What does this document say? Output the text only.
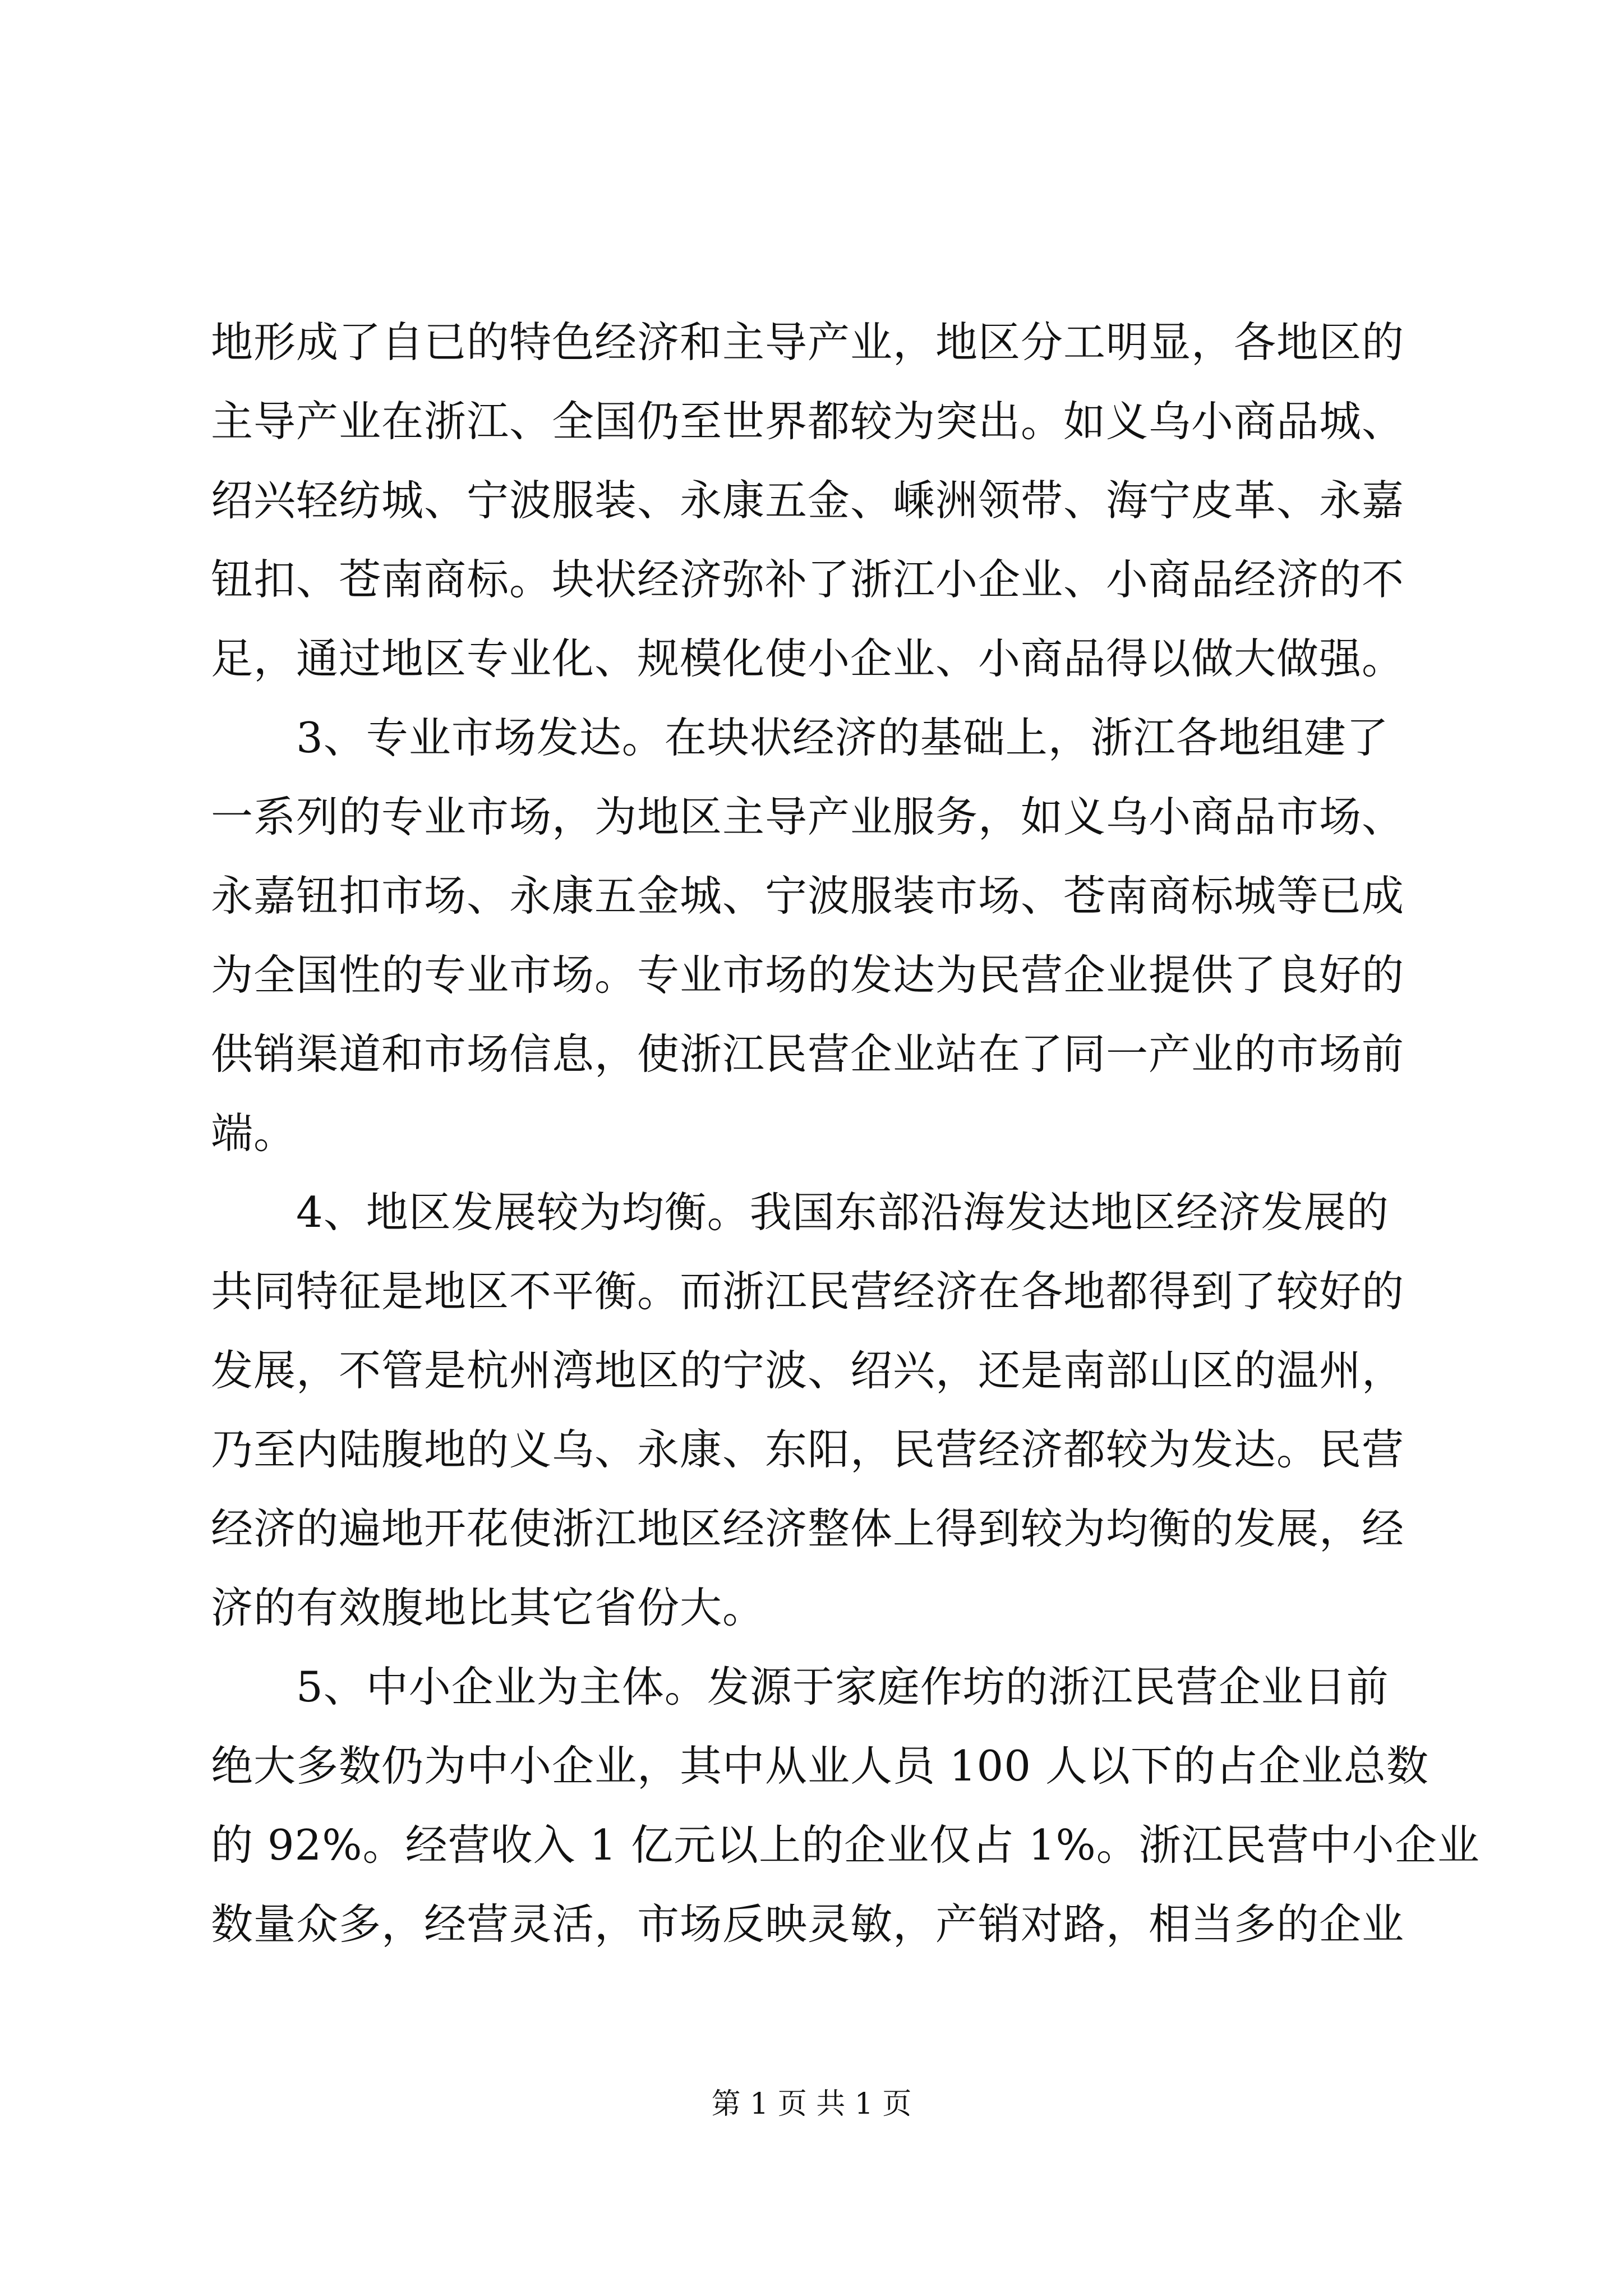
地形成了自已的特色经济和主导产业，地区分工明显，各地区的
主导产业在浙江、全国仍至世界都较为突出。如义乌小商品城、
绍兴轻纺城、宁波服装、永康五金、嵊洲领带、海宁皮革、永嘉
钮扣、苍南商标。块状经济弥补了浙江小企业、小商品经济的不
足，通过地区专业化、规模化使小企业、小商品得以做大做强。
　　3、专业市场发达。在块状经济的基础上，浙江各地组建了
一系列的专业市场，为地区主导产业服务，如义乌小商品市场、
永嘉钮扣市场、永康五金城、宁波服装市场、苍南商标城等已成
为全国性的专业市场。专业市场的发达为民营企业提供了良好的
供销渠道和市场信息，使浙江民营企业站在了同一产业的市场前
端。
　　4、地区发展较为均衡。我国东部沿海发达地区经济发展的
共同特征是地区不平衡。而浙江民营经济在各地都得到了较好的
发展，不管是杭州湾地区的宁波、绍兴，还是南部山区的温州，
乃至内陆腹地的义乌、永康、东阳，民营经济都较为发达。民营
经济的遍地开花使浙江地区经济整体上得到较为均衡的发展，经
济的有效腹地比其它省份大。
　　5、中小企业为主体。发源于家庭作坊的浙江民营企业日前
绝大多数仍为中小企业，其中从业人员 100 人以下的占企业总数
的 92%。经营收入 1 亿元以上的企业仅占 1%。浙江民营中小企业
数量众多，经营灵活，市场反映灵敏，产销对路，相当多的企业
第 1 页 共 1 页
